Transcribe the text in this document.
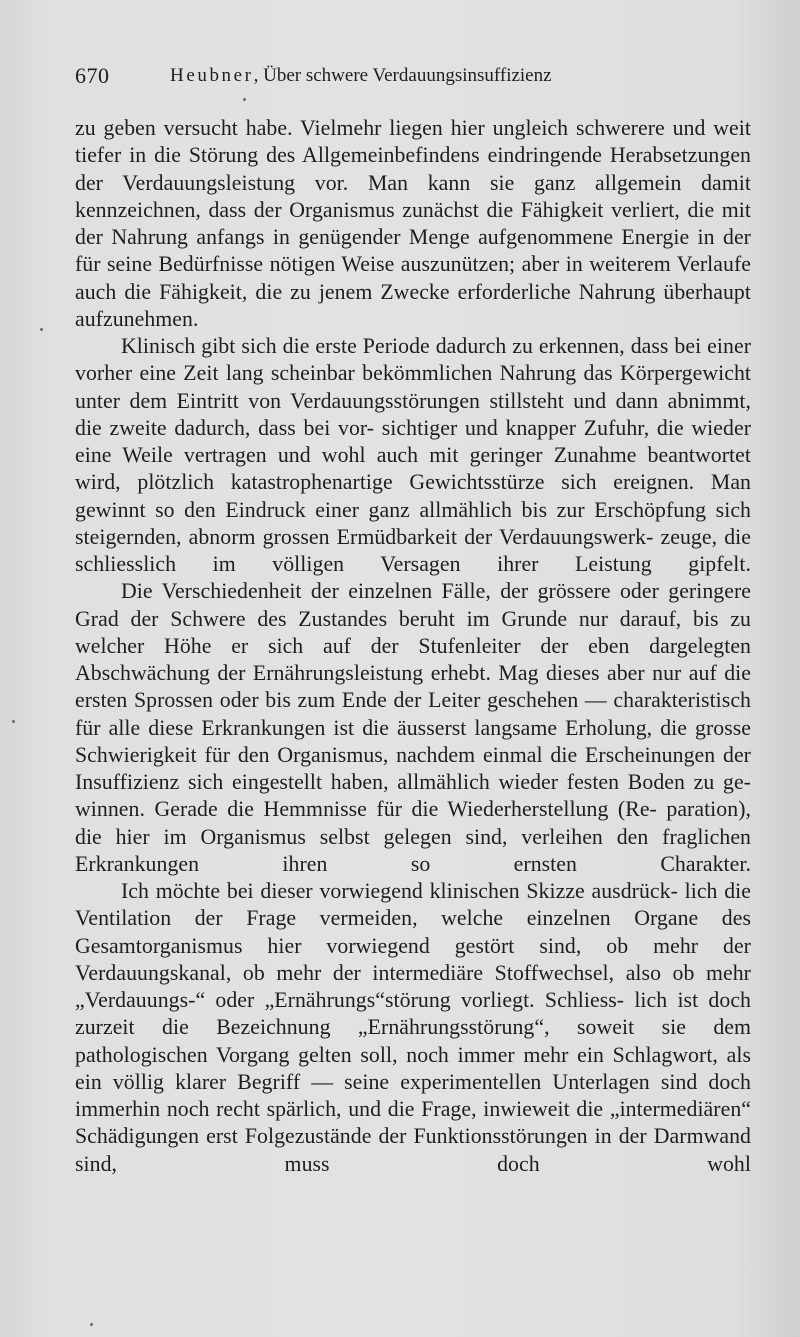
670	Heubner, Über schwere Verdauungsinsuffizienz

zu geben versucht habe. Vielmehr liegen hier ungleich schwerere und weit tiefer in die Störung des Allgemeinbefindens eindringende Herabsetzungen der Verdauungsleistung vor. Man kann sie ganz allgemein damit kennzeichnen, dass der Organismus zunächst die Fähigkeit verliert, die mit der Nahrung anfangs in genügender Menge aufgenommene Energie in der für seine Bedürfnisse nötigen Weise auszunützen; aber in weiterem Verlaufe auch die Fähigkeit, die zu jenem Zwecke erforderliche Nahrung überhaupt aufzunehmen.

Klinisch gibt sich die erste Periode dadurch zu erkennen, dass bei einer vorher eine Zeit lang scheinbar bekömmlichen Nahrung das Körpergewicht unter dem Eintritt von Verdauungsstörungen stillsteht und dann abnimmt, die zweite dadurch, dass bei vor- sichtiger und knapper Zufuhr, die wieder eine Weile vertragen und wohl auch mit geringer Zunahme beantwortet wird, plötzlich katastrophenartige Gewichtsstürze sich ereignen. Man gewinnt so den Eindruck einer ganz allmählich bis zur Erschöpfung sich steigernden, abnorm grossen Ermüdbarkeit der Verdauungswerk- zeuge, die schliesslich im völligen Versagen ihrer Leistung gipfelt.

Die Verschiedenheit der einzelnen Fälle, der grössere oder geringere Grad der Schwere des Zustandes beruht im Grunde nur darauf, bis zu welcher Höhe er sich auf der Stufenleiter der eben dargelegten Abschwächung der Ernährungsleistung erhebt. Mag dieses aber nur auf die ersten Sprossen oder bis zum Ende der Leiter geschehen — charakteristisch für alle diese Erkrankungen ist die äusserst langsame Erholung, die grosse Schwierigkeit für den Organismus, nachdem einmal die Erscheinungen der Insuffizienz sich eingestellt haben, allmählich wieder festen Boden zu ge- winnen. Gerade die Hemmnisse für die Wiederherstellung (Re- paration), die hier im Organismus selbst gelegen sind, verleihen den fraglichen Erkrankungen ihren so ernsten Charakter.

Ich möchte bei dieser vorwiegend klinischen Skizze ausdrück- lich die Ventilation der Frage vermeiden, welche einzelnen Organe des Gesamtorganismus hier vorwiegend gestört sind, ob mehr der Verdauungskanal, ob mehr der intermediäre Stoffwechsel, also ob mehr „Verdauungs-“ oder „Ernährungs“störung vorliegt. Schliess- lich ist doch zurzeit die Bezeichnung „Ernährungsstörung“, soweit sie dem pathologischen Vorgang gelten soll, noch immer mehr ein Schlagwort, als ein völlig klarer Begriff — seine experimentellen Unterlagen sind doch immerhin noch recht spärlich, und die Frage, inwieweit die „intermediären“ Schädigungen erst Folgezustände der Funktionsstörungen in der Darmwand sind, muss doch wohl
